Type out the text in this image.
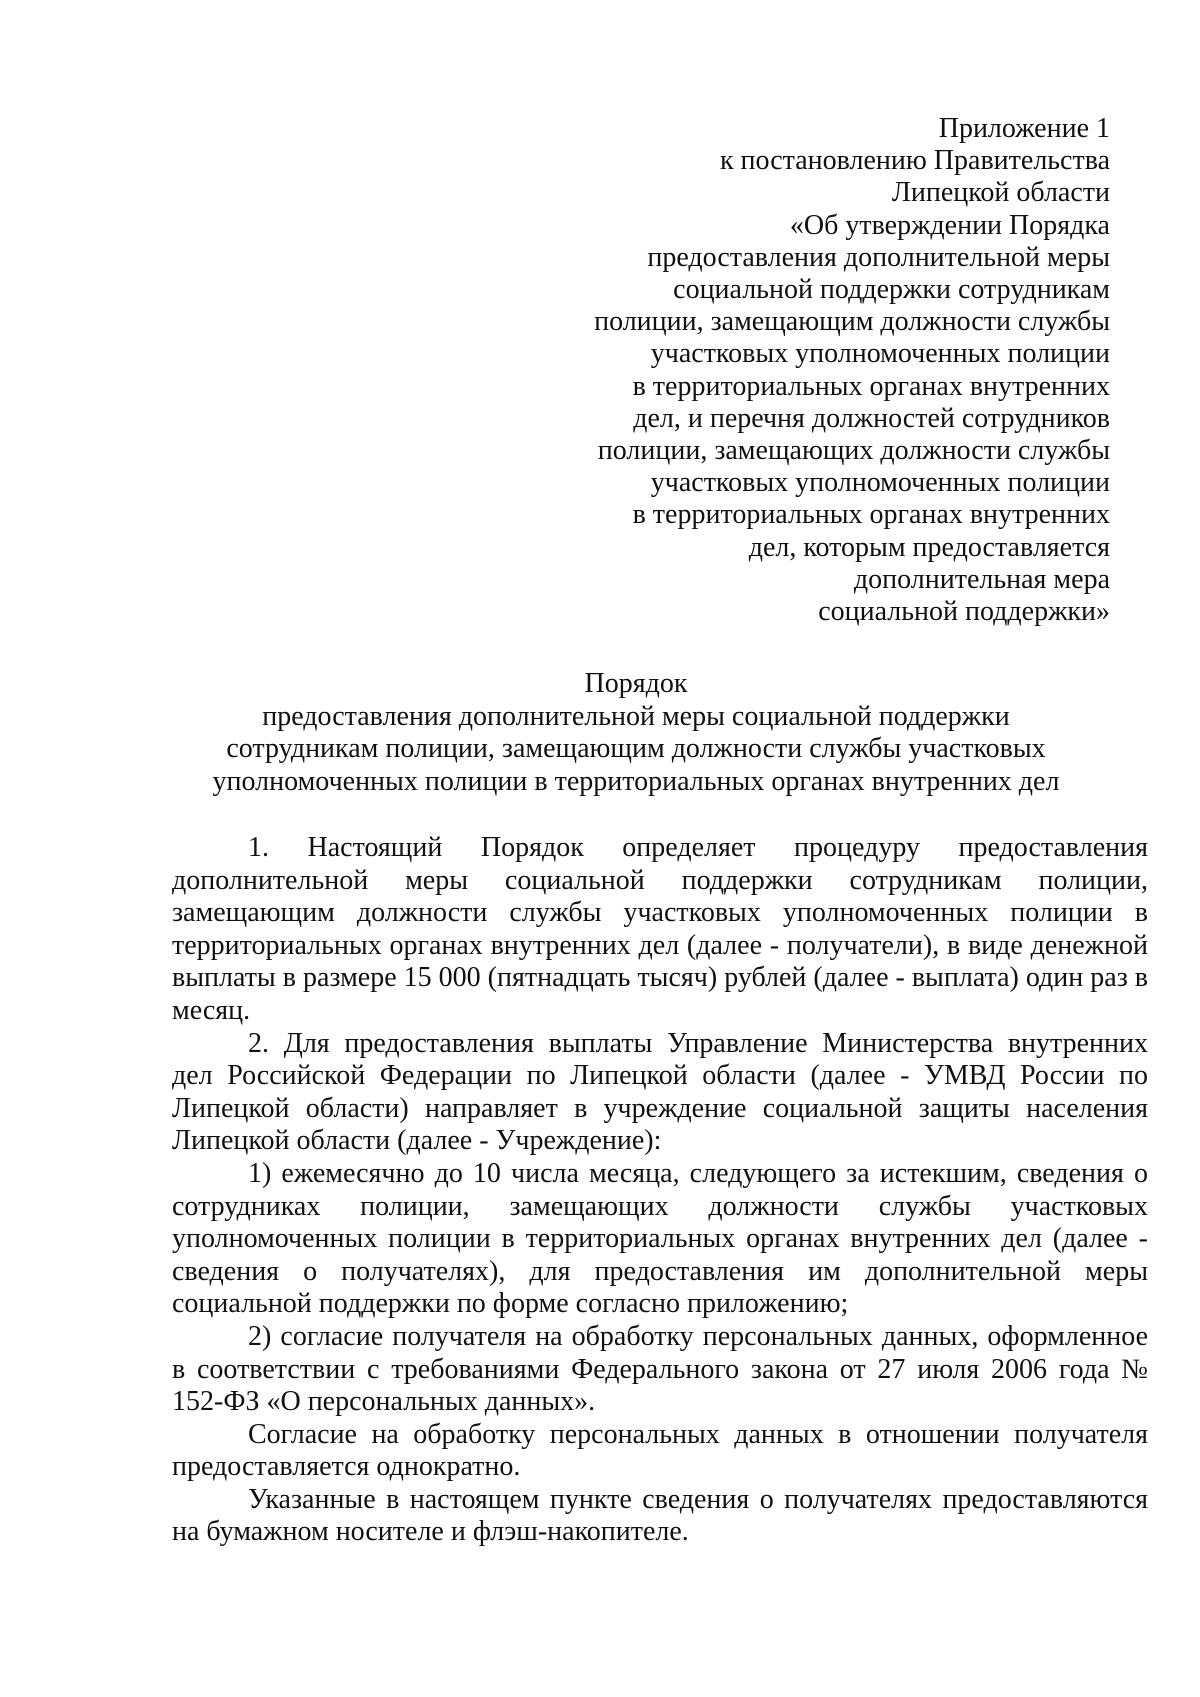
Приложение 1
к постановлению Правительства
Липецкой области
«Об утверждении Порядка
предоставления дополнительной меры
социальной поддержки сотрудникам
полиции, замещающим должности службы
участковых уполномоченных полиции
в территориальных органах внутренних
дел, и перечня должностей сотрудников
полиции, замещающих должности службы
участковых уполномоченных полиции
в территориальных органах внутренних
дел, которым предоставляется
дополнительная мера
социальной поддержки»
Порядок
предоставления дополнительной меры социальной поддержки
сотрудникам полиции, замещающим должности службы участковых
уполномоченных полиции в территориальных органах внутренних дел

1. Настоящий Порядок определяет процедуру предоставления дополнительной меры социальной поддержки сотрудникам полиции, замещающим должности службы участковых уполномоченных полиции в территориальных органах внутренних дел (далее - получатели), в виде денежной выплаты в размере 15 000 (пятнадцать тысяч) рублей (далее - выплата) один раз в месяц.

2. Для предоставления выплаты Управление Министерства внутренних дел Российской Федерации по Липецкой области (далее - УМВД России по Липецкой области) направляет в учреждение социальной защиты населения Липецкой области (далее - Учреждение):

1) ежемесячно до 10 числа месяца, следующего за истекшим, сведения о сотрудниках полиции, замещающих должности службы участковых уполномоченных полиции в территориальных органах внутренних дел (далее - сведения о получателях), для предоставления им дополнительной меры социальной поддержки по форме согласно приложению;

2) согласие получателя на обработку персональных данных, оформленное в соответствии с требованиями Федерального закона от 27 июля 2006 года № 152-ФЗ «О персональных данных».

Согласие на обработку персональных данных в отношении получателя предоставляется однократно.

Указанные в настоящем пункте сведения о получателях предоставляются на бумажном носителе и флэш-накопителе.
